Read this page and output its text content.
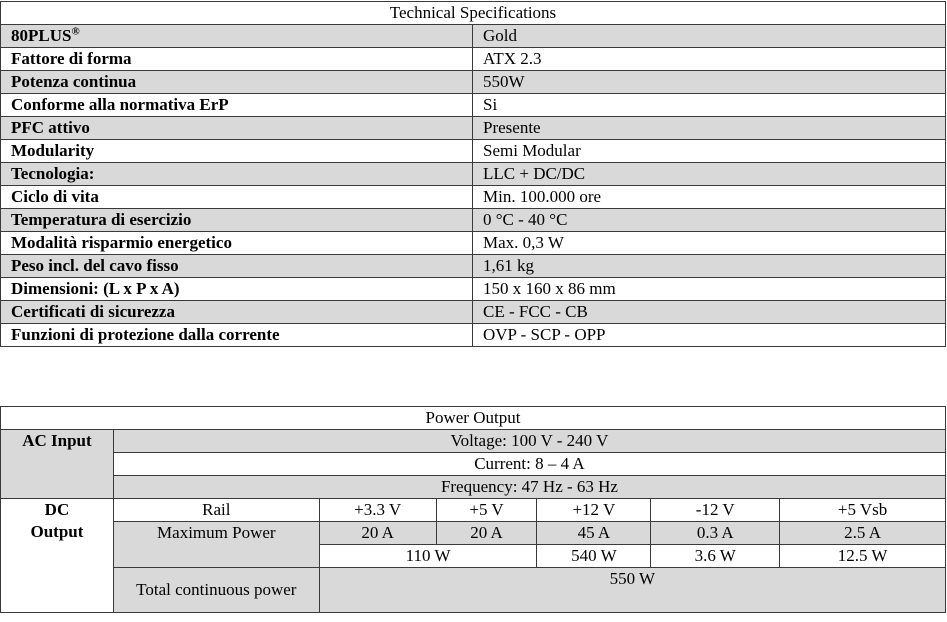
Technical Specifications	
80PLUS®	Gold
Fattore di forma	ATX 2.3
Potenza continua	550W
Conforme alla normativa ErP	Si
PFC attivo	Presente
Modularity	Semi Modular
Tecnologia:	LLC + DC/DC
Ciclo di vita	Min. 100.000 ore
Temperatura di esercizio	0 °C - 40 °C
Modalità risparmio energetico	Max. 0,3 W
Peso incl. del cavo fisso	1,61 kg
Dimensioni: (L x P x A)	150 x 160 x 86 mm
Certificati di sicurezza	CE - FCC - CB
Funzioni di protezione dalla corrente	OVP - SCP - OPP
Power Output						
AC Input	Voltage: 100 V - 240 V					
	Current: 8 – 4 A					
	Frequency: 47 Hz - 63 Hz					

DC
Output	Rail	+3.3 V	+5 V	+12 V	-12 V	+5 Vsb
	Maximum Power	20 A	20 A	45 A	0.3 A	2.5 A
		110 W		540 W	3.6 W	12.5 W
	Total continuous power	550 W				
